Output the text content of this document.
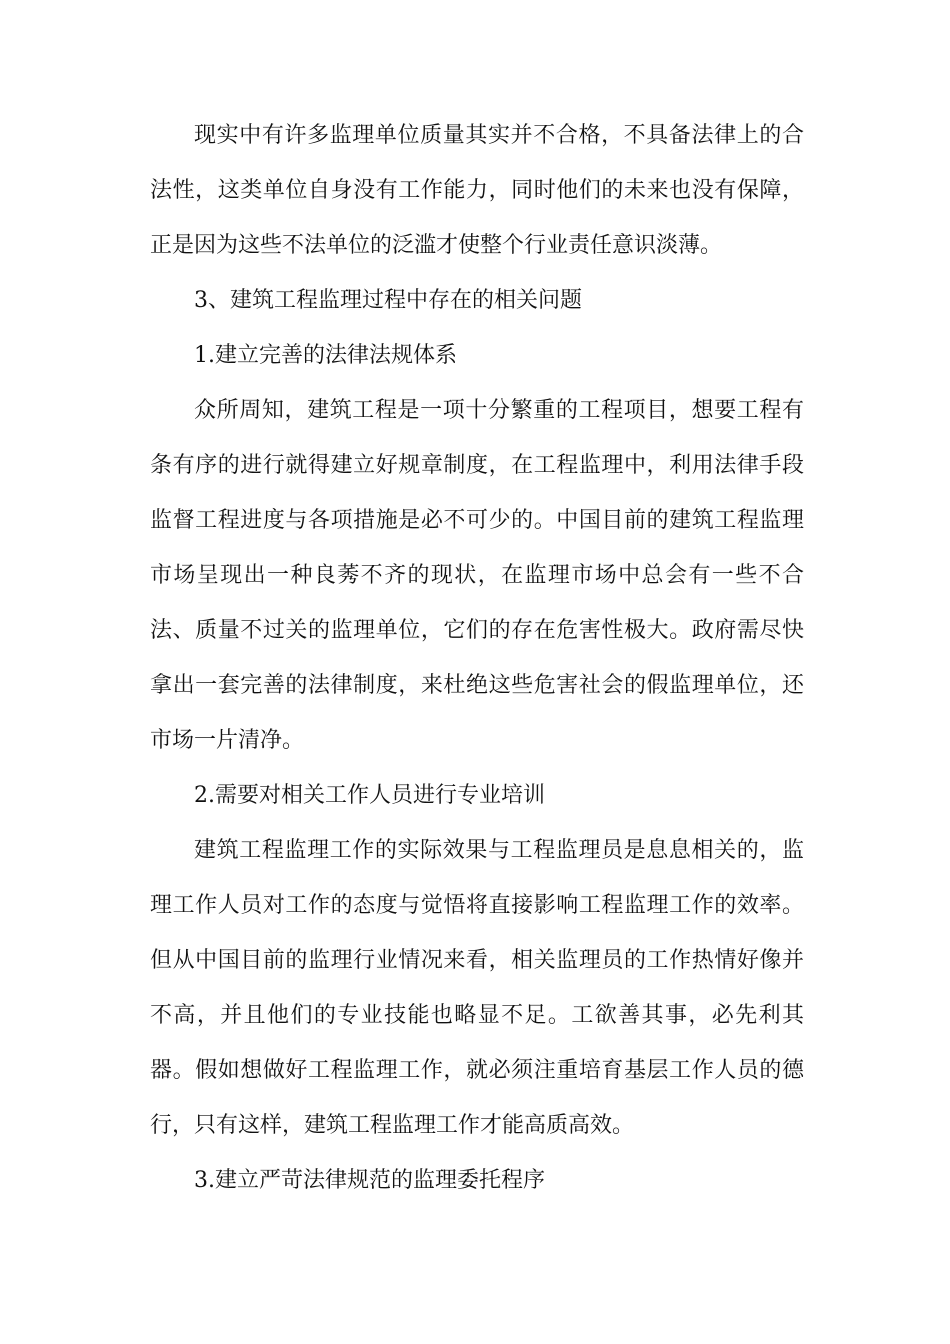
现实中有许多监理单位质量其实并不合格，不具备法律上的合法性，这类单位自身没有工作能力，同时他们的未来也没有保障，正是因为这些不法单位的泛滥才使整个行业责任意识淡薄。

3、建筑工程监理过程中存在的相关问题

1.建立完善的法律法规体系

众所周知，建筑工程是一项十分繁重的工程项目，想要工程有条有序的进行就得建立好规章制度，在工程监理中，利用法律手段监督工程进度与各项措施是必不可少的。中国目前的建筑工程监理市场呈现出一种良莠不齐的现状，在监理市场中总会有一些不合法、质量不过关的监理单位，它们的存在危害性极大。政府需尽快拿出一套完善的法律制度，来杜绝这些危害社会的假监理单位，还市场一片清净。

2.需要对相关工作人员进行专业培训

建筑工程监理工作的实际效果与工程监理员是息息相关的，监理工作人员对工作的态度与觉悟将直接影响工程监理工作的效率。但从中国目前的监理行业情况来看，相关监理员的工作热情好像并不高，并且他们的专业技能也略显不足。工欲善其事，必先利其器。假如想做好工程监理工作，就必须注重培育基层工作人员的德行，只有这样，建筑工程监理工作才能高质高效。

3.建立严苛法律规范的监理委托程序
